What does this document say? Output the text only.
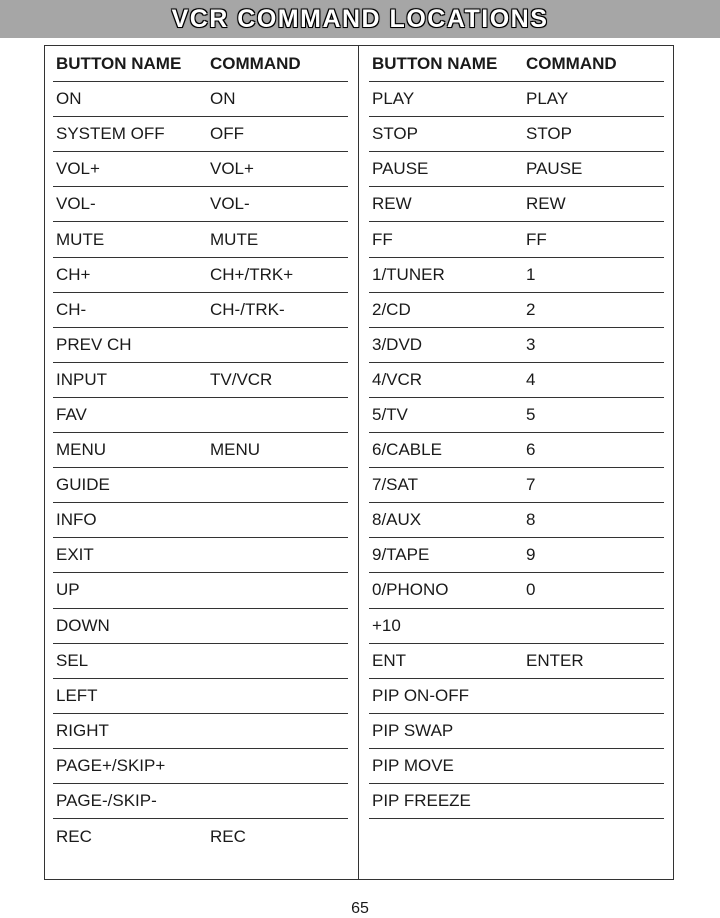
VCR COMMAND LOCATIONS
BUTTON NAME	COMMAND
ON	ON
SYSTEM OFF	OFF
VOL+	VOL+
VOL-	VOL-
MUTE	MUTE
CH+	CH+/TRK+
CH-	CH-/TRK-
PREV CH
INPUT	TV/VCR
FAV
MENU	MENU
GUIDE
INFO
EXIT
UP
DOWN
SEL
LEFT
RIGHT
PAGE+/SKIP+
PAGE-/SKIP-
REC	REC
BUTTON NAME	COMMAND
PLAY	PLAY
STOP	STOP
PAUSE	PAUSE
REW	REW
FF	FF
1/TUNER	1
2/CD	2
3/DVD	3
4/VCR	4
5/TV	5
6/CABLE	6
7/SAT	7
8/AUX	8
9/TAPE	9
0/PHONO	0
+10
ENT	ENTER
PIP ON-OFF
PIP SWAP
PIP MOVE
PIP FREEZE
65
